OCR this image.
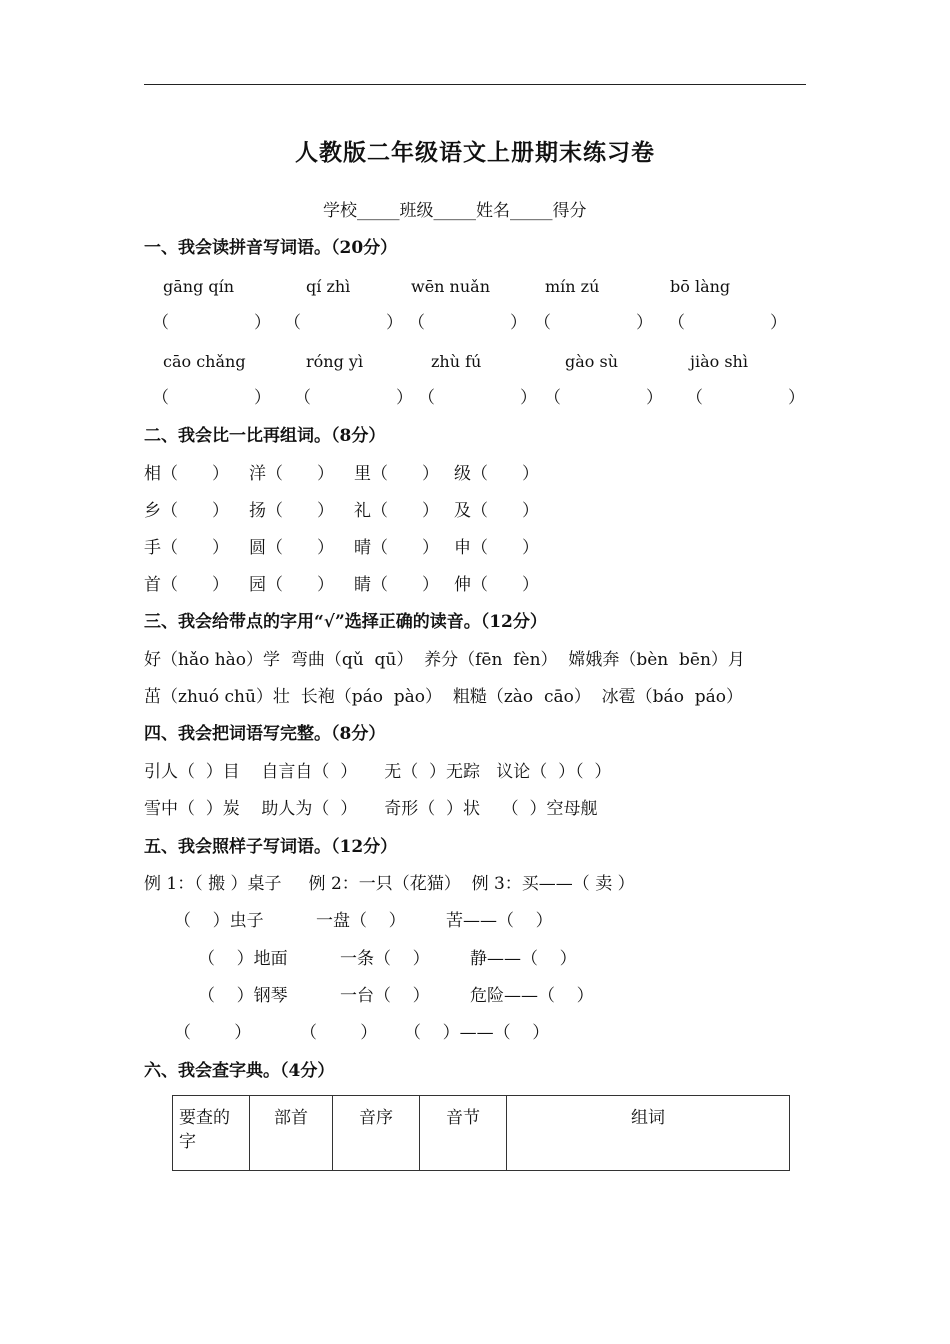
人教版二年级语文上册期末练习卷
学校_____班级_____姓名_____得分
一、我会读拼音写词语。（20分）
gāng qín	qí zhì	wēn nuǎn	mín zú	bō làng
（　　　　　） （　　　　　） （　　　　　） （　　　　　） （　　　　　）
cāo chǎng	róng yì	zhù fú	gào sù	jiào shì
（　　　　　） （　　　　　） （　　　　　） （　　　　　） （　　　　　）
二、我会比一比再组词。（8分）
相（　　） 洋（　　） 里（　　） 级（　　）
乡（　　） 扬（　　） 礼（　　） 及（　　）
手（　　） 圆（　　） 晴（　　） 申（　　）
首（　　） 园（　　） 睛（　　） 伸（　　）
三、我会给带点的字用“√”选择正确的读音。（12分）
好（hǎo hào）学  弯曲（qǔ  qū）  养分（fēn  fèn）  嫦娥奔（bèn  bēn）月
茁（zhuó chū）壮  长袍（páo  pào）  粗糙（zào  cāo）  冰雹（báo  páo）
四、我会把词语写完整。（8分）
引人（  ）目    自言自（  ）     无（  ）无踪   议论（  ）（  ）
雪中（  ）炭    助人为（  ）     奇形（  ）状    （  ）空母舰
五、我会照样子写词语。（12分）
例 1：（ 搬 ）桌子     例 2：一只（花猫）  例 3：买——（ 卖 ）
（    ）虫子	一盘（    ） 苦——（    ）
（    ）地面	一条（    ） 静——（    ）
（    ）钢琴	一台（    ） 危险——（    ）
（        ）	（        ） （    ）——（    ）
六、我会查字典。（4分）
要查的字	部首	音序	音节	组词
